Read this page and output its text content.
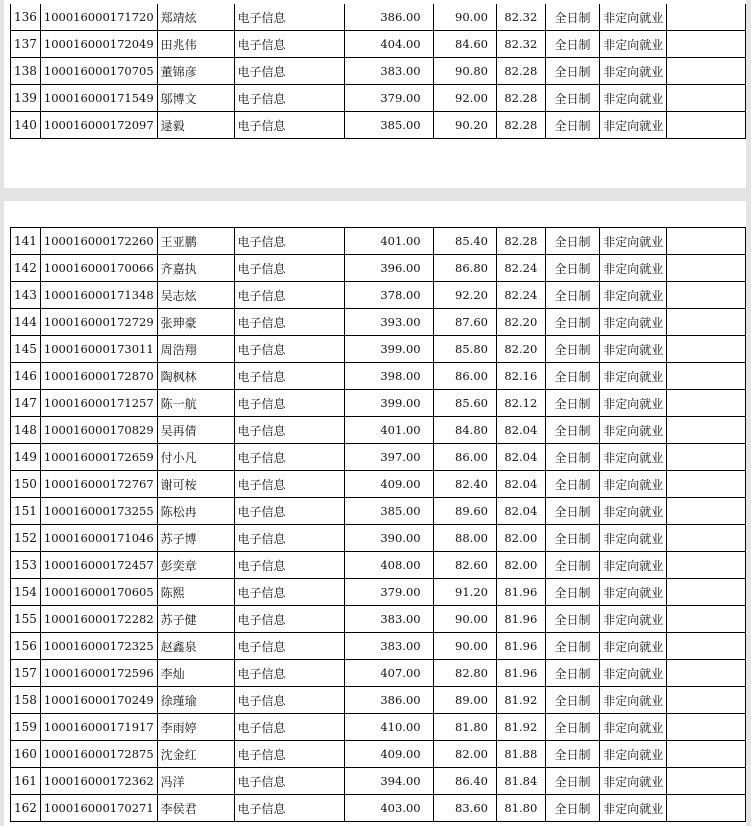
136	100016000171720	郑靖炫	电子信息	386.00	90.00	82.32	全日制	非定向就业	
137	100016000172049	田兆伟	电子信息	404.00	84.60	82.32	全日制	非定向就业	
138	100016000170705	董锦彦	电子信息	383.00	90.80	82.28	全日制	非定向就业	
139	100016000171549	邬博文	电子信息	379.00	92.00	82.28	全日制	非定向就业	
140	100016000172097	逯毅	电子信息	385.00	90.20	82.28	全日制	非定向就业	
141	100016000172260	王亚鹏	电子信息	401.00	85.40	82.28	全日制	非定向就业	
142	100016000170066	齐嘉执	电子信息	396.00	86.80	82.24	全日制	非定向就业	
143	100016000171348	吴志炫	电子信息	378.00	92.20	82.24	全日制	非定向就业	
144	100016000172729	张珅豪	电子信息	393.00	87.60	82.20	全日制	非定向就业	
145	100016000173011	周浩翔	电子信息	399.00	85.80	82.20	全日制	非定向就业	
146	100016000172870	陶枫林	电子信息	398.00	86.00	82.16	全日制	非定向就业	
147	100016000171257	陈一航	电子信息	399.00	85.60	82.12	全日制	非定向就业	
148	100016000170829	吴再倩	电子信息	401.00	84.80	82.04	全日制	非定向就业	
149	100016000172659	付小凡	电子信息	397.00	86.00	82.04	全日制	非定向就业	
150	100016000172767	谢可桉	电子信息	409.00	82.40	82.04	全日制	非定向就业	
151	100016000173255	陈松冉	电子信息	385.00	89.60	82.04	全日制	非定向就业	
152	100016000171046	苏子博	电子信息	390.00	88.00	82.00	全日制	非定向就业	
153	100016000172457	彭奕章	电子信息	408.00	82.60	82.00	全日制	非定向就业	
154	100016000170605	陈熙	电子信息	379.00	91.20	81.96	全日制	非定向就业	
155	100016000172282	苏子健	电子信息	383.00	90.00	81.96	全日制	非定向就业	
156	100016000172325	赵鑫泉	电子信息	383.00	90.00	81.96	全日制	非定向就业	
157	100016000172596	李灿	电子信息	407.00	82.80	81.96	全日制	非定向就业	
158	100016000170249	徐瑾瑜	电子信息	386.00	89.00	81.92	全日制	非定向就业	
159	100016000171917	李雨婷	电子信息	410.00	81.80	81.92	全日制	非定向就业	
160	100016000172875	沈金红	电子信息	409.00	82.00	81.88	全日制	非定向就业	
161	100016000172362	冯洋	电子信息	394.00	86.40	81.84	全日制	非定向就业	
162	100016000170271	李侯君	电子信息	403.00	83.60	81.80	全日制	非定向就业	
